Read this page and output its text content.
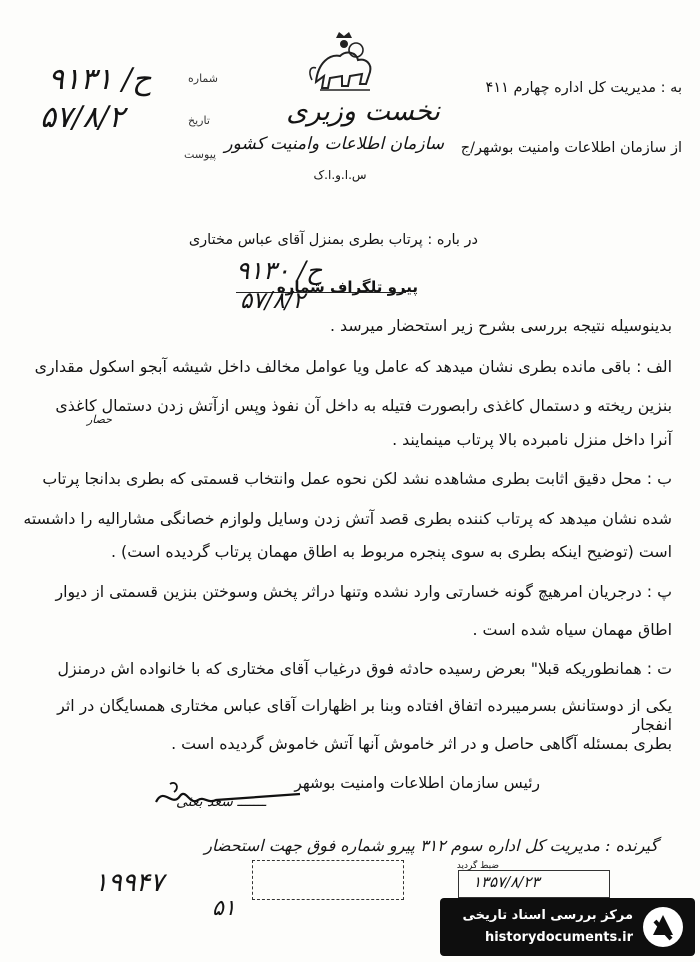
به : مدیریت کل اداره چهارم ۴۱۱
از سازمان اطلاعات وامنیت بوشهر/ج
نخست وزیری
سازمان اطلاعات وامنیت کشور
س.ا.و.ا.ک
شماره
۹۱۳۱ /ح
تاریخ
۵۷/۸/۲
پیوست
در باره : پرتاب بطری بمنزل آقای عباس مختاری
پیرو تلگراف شماره
۹۱۳۰ /ح
۵۷/۸/۲
بدینوسیله نتیجه بررسی بشرح زیر استحضار میرسد .
الف : باقی مانده بطری نشان میدهد که عامل ویا عوامل مخالف داخل شیشه آبجو اسکول مقداری
بنزین ریخته و دستمال کاغذی رابصورت فتیله به داخل آن نفوذ وپس ازآتش زدن دستمال کاغذی
حصار
آنرا داخل منزل نامبرده بالا پرتاب مینمایند .
ب : محل دقیق اثابت بطری مشاهده نشد لکن نحوه عمل وانتخاب قسمتی که بطری بدانجا پرتاب
شده نشان میدهد که پرتاب کننده بطری قصد آتش زدن وسایل ولوازم خصانگی مشارالیه را داشسته
است (توضیح اینکه بطری به سوی پنجره مربوط به اطاق مهمان پرتاب گردیده است) .
پ : درجریان امرهیچ گونه خسارتی وارد نشده وتنها دراثر پخش وسوختن بنزین قسمتی از دیوار
اطاق مهمان سیاه شده است .
ت : همانطوریکه قبلا" بعرض رسیده حادثه فوق درغیاب آقای مختاری که با خانواده اش درمنزل
یکی از دوستانش بسرمیبرده اتفاق افتاده وبنا بر اظهارات آقای عباس مختاری همسایگان در اثر انفجار
بطری بمسئله آگاهی حاصل و در اثر خاموش آنها آتش خاموش گردیده است .
رئیس سازمان اطلاعات وامنیت بوشهر
ـــــــ سعد بعثی
گیرنده : مدیریت کل اداره سوم ۳۱۲ پیرو شماره فوق جهت استحضار
۱۹۹۴۷
۵۱
ضبط گردید
۱۳۵۷/۸/۲۳
مرکز بررسی اسناد تاریخی
historydocuments.ir
